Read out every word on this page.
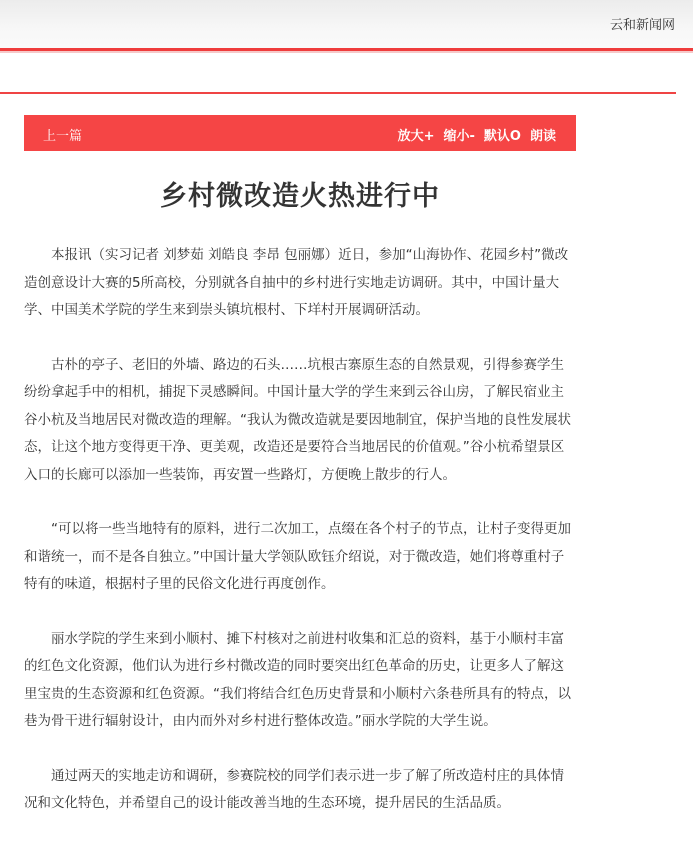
云和新闻网
上一篇	放大+ 缩小- 默认O 朗读
乡村微改造火热进行中

本报讯（实习记者 刘梦茹 刘皓良 李昂 包丽娜）近日，参加“山海协作、花园乡村”微改造创意设计大赛的5所高校，分别就各自抽中的乡村进行实地走访调研。其中，中国计量大学、中国美术学院的学生来到崇头镇坑根村、下垟村开展调研活动。

古朴的亭子、老旧的外墙、路边的石头……坑根古寨原生态的自然景观，引得参赛学生纷纷拿起手中的相机，捕捉下灵感瞬间。中国计量大学的学生来到云谷山房，了解民宿业主谷小杭及当地居民对微改造的理解。“我认为微改造就是要因地制宜，保护当地的良性发展状态，让这个地方变得更干净、更美观，改造还是要符合当地居民的价值观。”谷小杭希望景区入口的长廊可以添加一些装饰，再安置一些路灯，方便晚上散步的行人。

“可以将一些当地特有的原料，进行二次加工，点缀在各个村子的节点，让村子变得更加和谐统一，而不是各自独立。”中国计量大学领队欧钰介绍说，对于微改造，她们将尊重村子特有的味道，根据村子里的民俗文化进行再度创作。

丽水学院的学生来到小顺村、摊下村核对之前进村收集和汇总的资料，基于小顺村丰富的红色文化资源，他们认为进行乡村微改造的同时要突出红色革命的历史，让更多人了解这里宝贵的生态资源和红色资源。“我们将结合红色历史背景和小顺村六条巷所具有的特点，以巷为骨干进行辐射设计，由内而外对乡村进行整体改造。”丽水学院的大学生说。

通过两天的实地走访和调研，参赛院校的同学们表示进一步了解了所改造村庄的具体情况和文化特色，并希望自己的设计能改善当地的生态环境，提升居民的生活品质。
